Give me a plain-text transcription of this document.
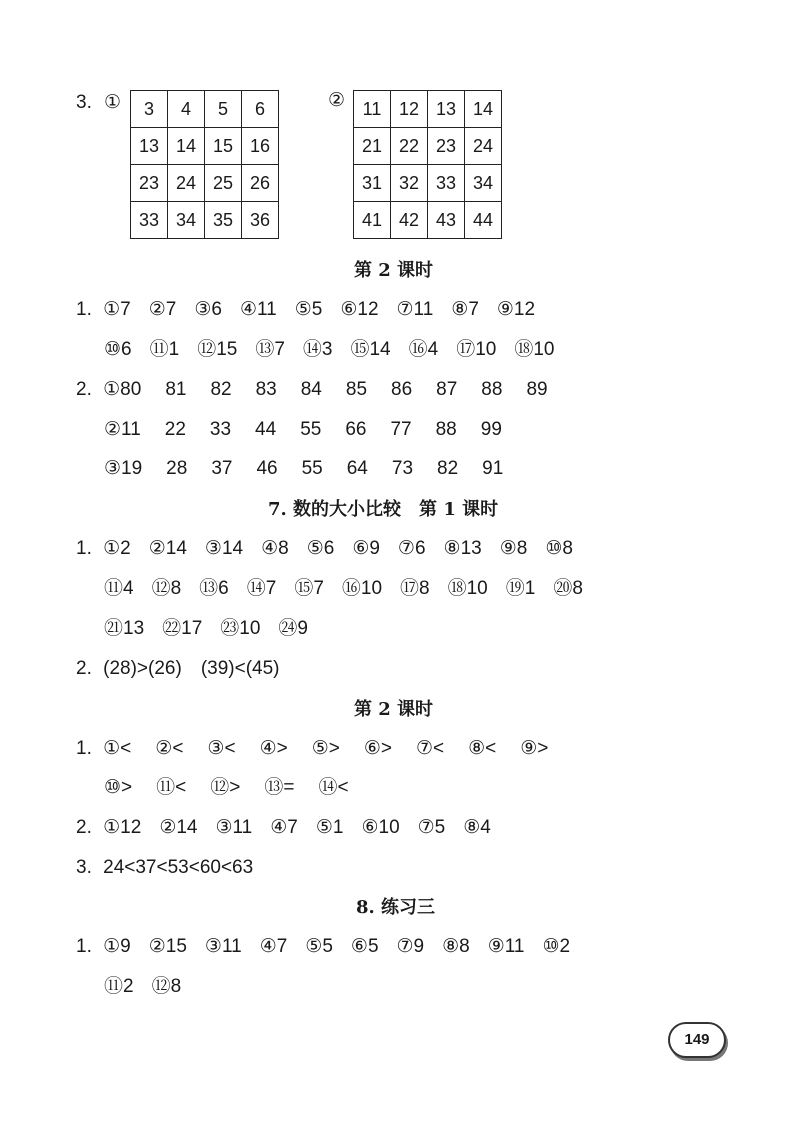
3. ① 3	4	5	6
13	14	15	16
23	24	25	26
33	34	35	36
② 11	12	13	14
21	22	23	24
31	32	33	34
41	42	43	44
第 2 课时
1. ①7 ②7 ③6 ④11 ⑤5 ⑥12 ⑦11 ⑧7 ⑨12
⑩6 ⑪1 ⑫15 ⑬7 ⑭3 ⑮14 ⑯4 ⑰10 ⑱10
2. ①80 81 82 83 84 85 86 87 88 89
②11 22 33 44 55 66 77 88 99
③19 28 37 46 55 64 73 82 91
7. 数的大小比较　第 1 课时
1. ①2 ②14 ③14 ④8 ⑤6 ⑥9 ⑦6 ⑧13 ⑨8 ⑩8
⑪4 ⑫8 ⑬6 ⑭7 ⑮7 ⑯10 ⑰8 ⑱10 ⑲1 ⑳8
㉑13 ㉒17 ㉓10 ㉔9
2. (28)>(26)　(39)<(45)
第 2 课时
1. ①< ②< ③< ④> ⑤> ⑥> ⑦< ⑧< ⑨>
⑩> ⑪< ⑫> ⑬= ⑭<
2. ①12 ②14 ③11 ④7 ⑤1 ⑥10 ⑦5 ⑧4
3. 24<37<53<60<63
8. 练习三
1. ①9 ②15 ③11 ④7 ⑤5 ⑥5 ⑦9 ⑧8 ⑨11 ⑩2
⑪2 ⑫8
149
